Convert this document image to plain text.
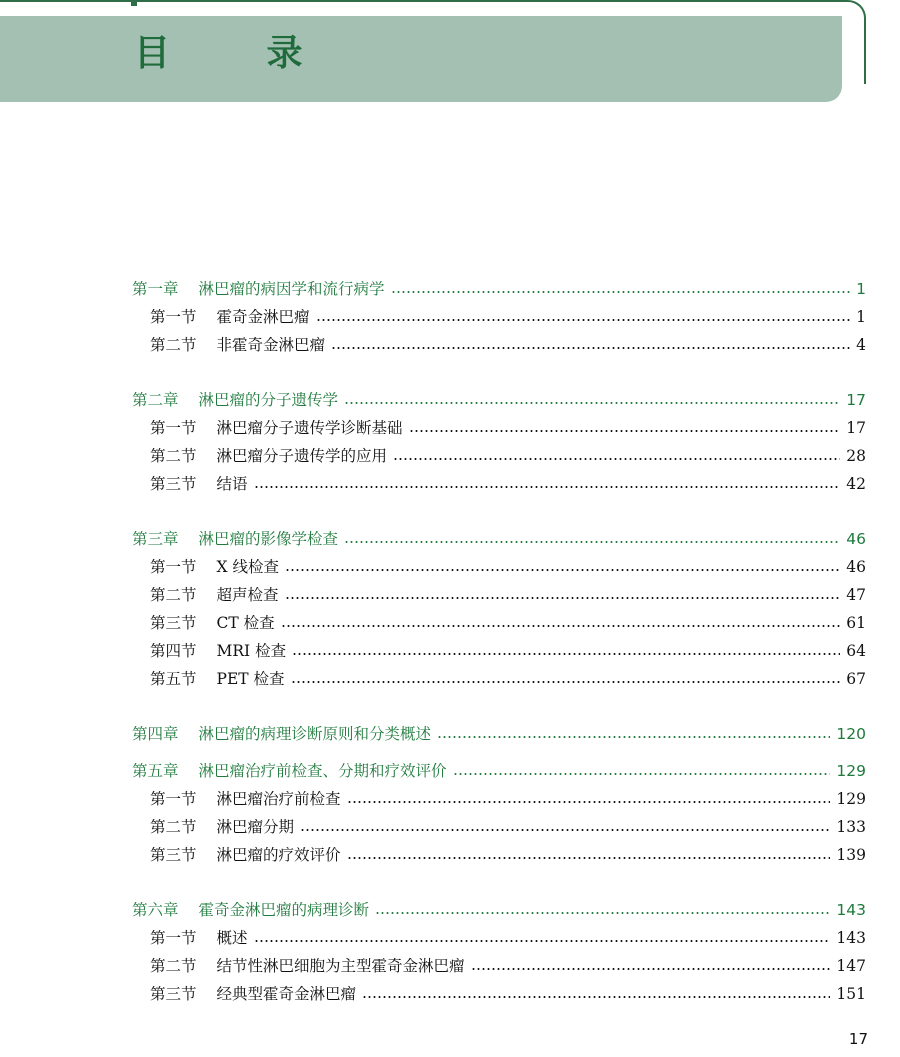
目 录
第一章 淋巴瘤的病因学和流行病学	1
第一节 霍奇金淋巴瘤	1
第二节 非霍奇金淋巴瘤	4
第二章 淋巴瘤的分子遗传学	17
第一节 淋巴瘤分子遗传学诊断基础	17
第二节 淋巴瘤分子遗传学的应用	28
第三节 结语	42
第三章 淋巴瘤的影像学检查	46
第一节 X 线检查	46
第二节 超声检查	47
第三节 CT 检查	61
第四节 MRI 检查	64
第五节 PET 检查	67
第四章 淋巴瘤的病理诊断原则和分类概述	120
第五章 淋巴瘤治疗前检查、分期和疗效评价	129
第一节 淋巴瘤治疗前检查	129
第二节 淋巴瘤分期	133
第三节 淋巴瘤的疗效评价	139
第六章 霍奇金淋巴瘤的病理诊断	143
第一节 概述	143
第二节 结节性淋巴细胞为主型霍奇金淋巴瘤	147
第三节 经典型霍奇金淋巴瘤	151
17
